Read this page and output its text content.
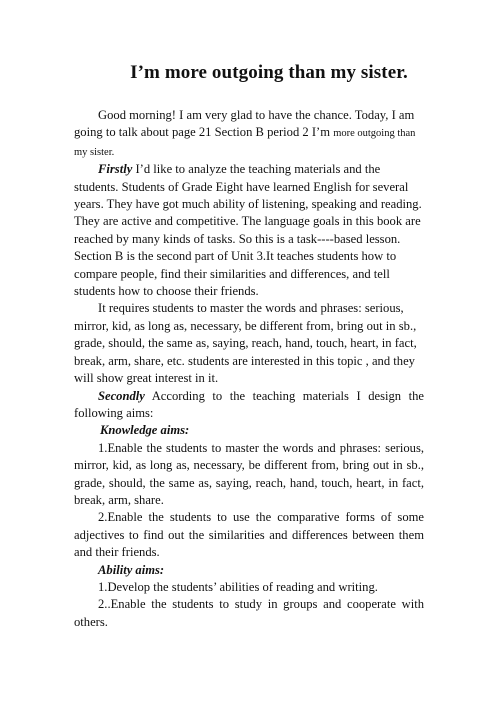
I’m more outgoing than my sister.

Good morning! I am very glad to have the chance. Today, I am going to talk about page 21 Section B period 2 I’m more outgoing than my sister.

Firstly I’d like to analyze the teaching materials and the students. Students of Grade Eight have learned English for several years. They have got much ability of listening, speaking and reading. They are active and competitive. The language goals in this book are reached by many kinds of tasks. So this is a task----based lesson. Section B is the second part of Unit 3.It teaches students how to compare people, find their similarities and differences, and tell students how to choose their friends.

It requires students to master the words and phrases: serious, mirror, kid, as long as, necessary, be different from, bring out in sb., grade, should, the same as, saying, reach, hand, touch, heart, in fact, break, arm, share, etc. students are interested in this topic , and they will show great interest in it.

Secondly According to the teaching materials I design the following aims:

Knowledge aims:

1.Enable the students to master the words and phrases: serious, mirror, kid, as long as, necessary, be different from, bring out in sb., grade, should, the same as, saying, reach, hand, touch, heart, in fact, break, arm, share.

2.Enable the students to use the comparative forms of some adjectives to find out the similarities and differences between them and their friends.

Ability aims:

1.Develop the students’ abilities of reading and writing.

2..Enable the students to study in groups and cooperate with others.
